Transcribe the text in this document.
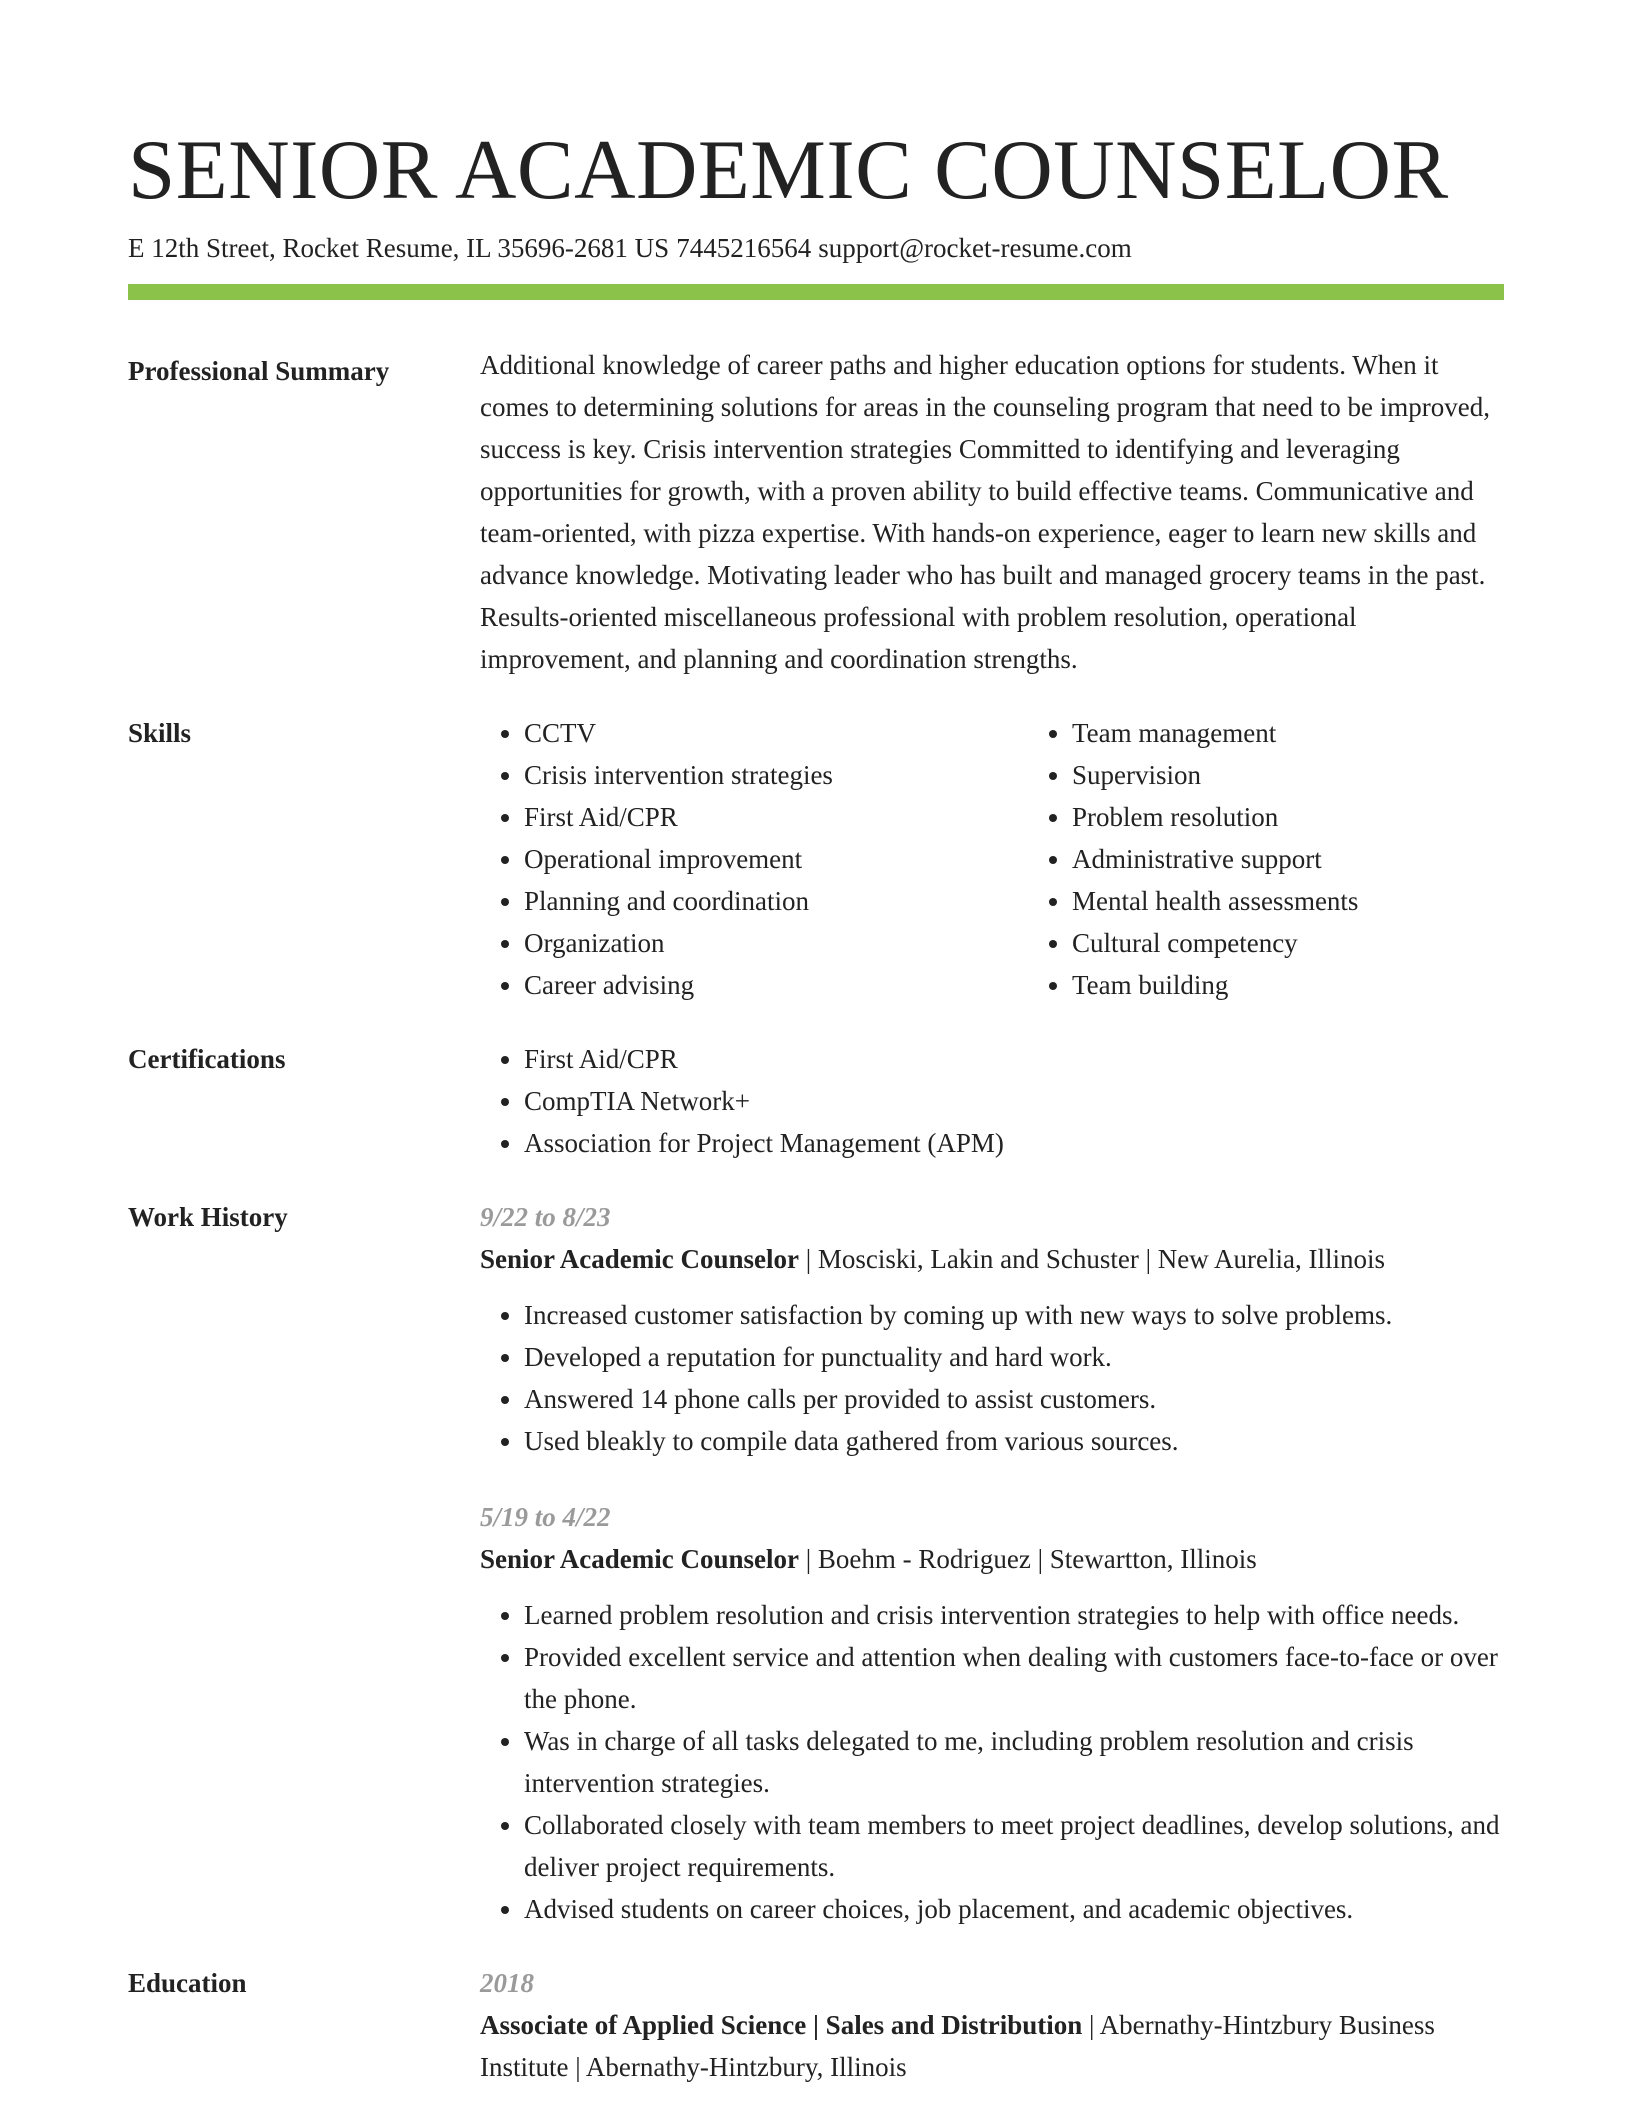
SENIOR ACADEMIC COUNSELOR
E 12th Street, Rocket Resume, IL 35696-2681 US 7445216564 support@rocket-resume.com
Professional Summary	Additional knowledge of career paths and higher education options for students. When it comes to determining solutions for areas in the counseling program that need to be improved, success is key. Crisis intervention strategies Committed to identifying and leveraging opportunities for growth, with a proven ability to build effective teams. Communicative and team-oriented, with pizza expertise. With hands-on experience, eager to learn new skills and advance knowledge. Motivating leader who has built and managed grocery teams in the past. Results-oriented miscellaneous professional with problem resolution, operational improvement, and planning and coordination strengths.

Skills	• CCTV
• Crisis intervention strategies
• First Aid/CPR
• Operational improvement
• Planning and coordination
• Organization
• Career advising
• Team management
• Supervision
• Problem resolution
• Administrative support
• Mental health assessments
• Cultural competency
• Team building
Certifications	• First Aid/CPR
• CompTIA Network+
• Association for Project Management (APM)
Work History	9/22 to 8/23
Senior Academic Counselor | Mosciski, Lakin and Schuster | New Aurelia, Illinois
• Increased customer satisfaction by coming up with new ways to solve problems.
• Developed a reputation for punctuality and hard work.
• Answered 14 phone calls per provided to assist customers.
• Used bleakly to compile data gathered from various sources.
5/19 to 4/22
Senior Academic Counselor | Boehm - Rodriguez | Stewartton, Illinois
• Learned problem resolution and crisis intervention strategies to help with office needs.
• Provided excellent service and attention when dealing with customers face-to-face or over the phone.
• Was in charge of all tasks delegated to me, including problem resolution and crisis intervention strategies.
• Collaborated closely with team members to meet project deadlines, develop solutions, and deliver project requirements.
• Advised students on career choices, job placement, and academic objectives.
Education	2018
Associate of Applied Science | Sales and Distribution | Abernathy-Hintzbury Business Institute | Abernathy-Hintzbury, Illinois
